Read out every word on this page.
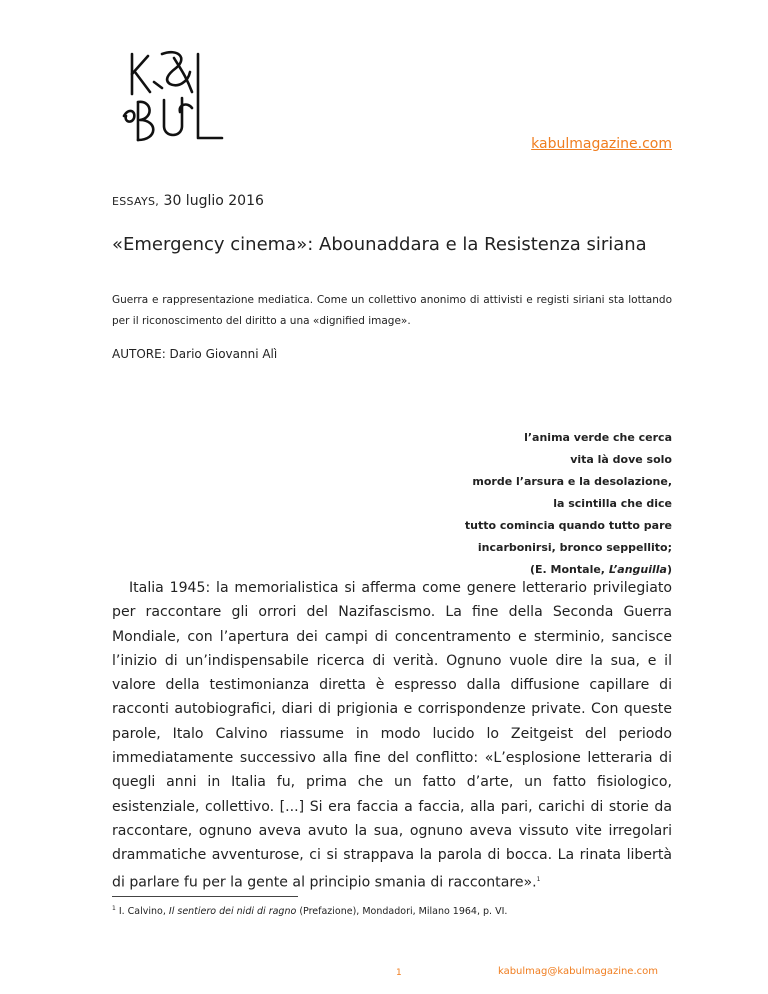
kabulmagazine.com
ESSAYS, 30 luglio 2016
«Emergency cinema»: Abounaddara e la Resistenza siriana

Guerra e rappresentazione mediatica. Come un collettivo anonimo di attivisti e registi siriani sta lottando per il riconoscimento del diritto a una «dignified image».

AUTORE: Dario Giovanni Alì

l’anima verde che cerca
vita là dove solo
morde l’arsura e la desolazione,
la scintilla che dice
tutto comincia quando tutto pare
incarbonirsi, bronco seppellito;
(E. Montale, L’anguilla)

Italia 1945: la memorialistica si afferma come genere letterario privilegiato per raccontare gli orrori del Nazifascismo. La fine della Seconda Guerra Mondiale, con l’apertura dei campi di concentramento e sterminio, sancisce l’inizio di un’indispensabile ricerca di verità. Ognuno vuole dire la sua, e il valore della testimonianza diretta è espresso dalla diffusione capillare di racconti autobiografici, diari di prigionia e corrispondenze private. Con queste parole, Italo Calvino riassume in modo lucido lo Zeitgeist del periodo immediatamente successivo alla fine del conflitto: «L’esplosione letteraria di quegli anni in Italia fu, prima che un fatto d’arte, un fatto fisiologico, esistenziale, collettivo. [...] Si era faccia a faccia, alla pari, carichi di storie da raccontare, ognuno aveva avuto la sua, ognuno aveva vissuto vite irregolari drammatiche avventurose, ci si strappava la parola di bocca. La rinata libertà di parlare fu per la gente al principio smania di raccontare».$^1$

$^1$ I. Calvino, Il sentiero dei nidi di ragno (Prefazione), Mondadori, Milano 1964, p. VI.

1	kabulmag@kabulmagazine.com
